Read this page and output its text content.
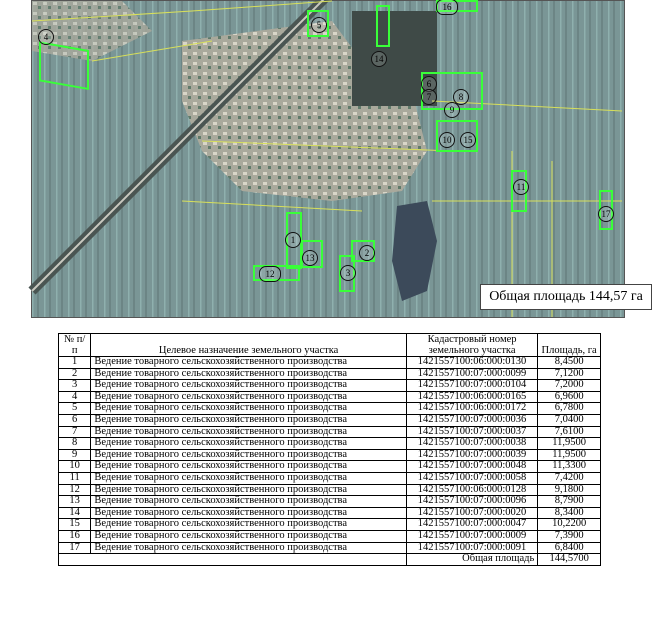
4
5
16
14
6
7	8
9
10	15
11
17
1
2
13
3
12
Общая площадь 144,57 га
№ п/п	Целевое назначение земельного участка	Кадастровый номер земельного участка	Площадь, га
1	Ведение товарного сельскохозяйственного производства	1421557100:06:000:0130	8,4500
2	Ведение товарного сельскохозяйственного производства	1421557100:07:000:0099	7,1200
3	Ведение товарного сельскохозяйственного производства	1421557100:07:000:0104	7,2000
4	Ведение товарного сельскохозяйственного производства	1421557100:06:000:0165	6,9600
5	Ведение товарного сельскохозяйственного производства	1421557100:06:000:0172	6,7800
6	Ведение товарного сельскохозяйственного производства	1421557100:07:000:0036	7,0400
7	Ведение товарного сельскохозяйственного производства	1421557100:07:000:0037	7,6100
8	Ведение товарного сельскохозяйственного производства	1421557100:07:000:0038	11,9500
9	Ведение товарного сельскохозяйственного производства	1421557100:07:000:0039	11,9500
10	Ведение товарного сельскохозяйственного производства	1421557100:07:000:0048	11,3300
11	Ведение товарного сельскохозяйственного производства	1421557100:07:000:0058	7,4200
12	Ведение товарного сельскохозяйственного производства	1421557100:06:000:0128	9,1800
13	Ведение товарного сельскохозяйственного производства	1421557100:07:000:0096	8,7900
14	Ведение товарного сельскохозяйственного производства	1421557100:07:000:0020	8,3400
15	Ведение товарного сельскохозяйственного производства	1421557100:07:000:0047	10,2200
16	Ведение товарного сельскохозяйственного производства	1421557100:07:000:0009	7,3900
17	Ведение товарного сельскохозяйственного производства	1421557100:07:000:0091	6,8400
		Общая площадь	144,5700
